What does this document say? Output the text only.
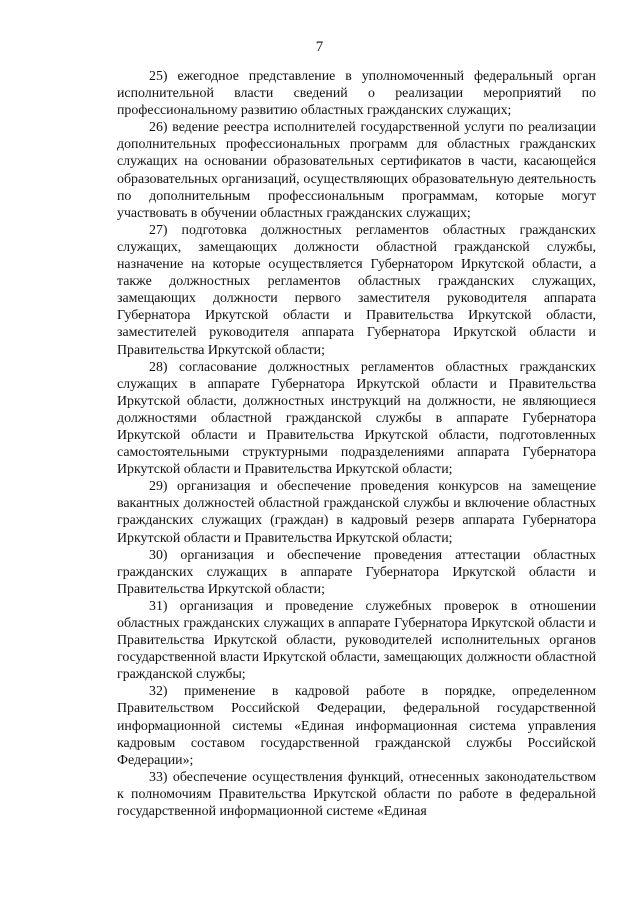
7

25) ежегодное представление в уполномоченный федеральный орган исполнительной власти сведений о реализации мероприятий по профессиональному развитию областных гражданских служащих;

26) ведение реестра исполнителей государственной услуги по реализации дополнительных профессиональных программ для областных гражданских служащих на основании образовательных сертификатов в части, касающейся образовательных организаций, осуществляющих образовательную деятельность по дополнительным профессиональным программам, которые могут участвовать в обучении областных гражданских служащих;

27) подготовка должностных регламентов областных гражданских служащих, замещающих должности областной гражданской службы, назначение на которые осуществляется Губернатором Иркутской области, а также должностных регламентов областных гражданских служащих, замещающих должности первого заместителя руководителя аппарата Губернатора Иркутской области и Правительства Иркутской области, заместителей руководителя аппарата Губернатора Иркутской области и Правительства Иркутской области;

28) согласование должностных регламентов областных гражданских служащих в аппарате Губернатора Иркутской области и Правительства Иркутской области, должностных инструкций на должности, не являющиеся должностями областной гражданской службы в аппарате Губернатора Иркутской области и Правительства Иркутской области, подготовленных самостоятельными структурными подразделениями аппарата Губернатора Иркутской области и Правительства Иркутской области;

29) организация и обеспечение проведения конкурсов на замещение вакантных должностей областной гражданской службы и включение областных гражданских служащих (граждан) в кадровый резерв аппарата Губернатора Иркутской области и Правительства Иркутской области;

30) организация и обеспечение проведения аттестации областных гражданских служащих в аппарате Губернатора Иркутской области и Правительства Иркутской области;

31) организация и проведение служебных проверок в отношении областных гражданских служащих в аппарате Губернатора Иркутской области и Правительства Иркутской области, руководителей исполнительных органов государственной власти Иркутской области, замещающих должности областной гражданской службы;

32) применение в кадровой работе в порядке, определенном Правительством Российской Федерации, федеральной государственной информационной системы «Единая информационная система управления кадровым составом государственной гражданской службы Российской Федерации»;

33) обеспечение осуществления функций, отнесенных законодательством к полномочиям Правительства Иркутской области по работе в федеральной государственной информационной системе «Единая
